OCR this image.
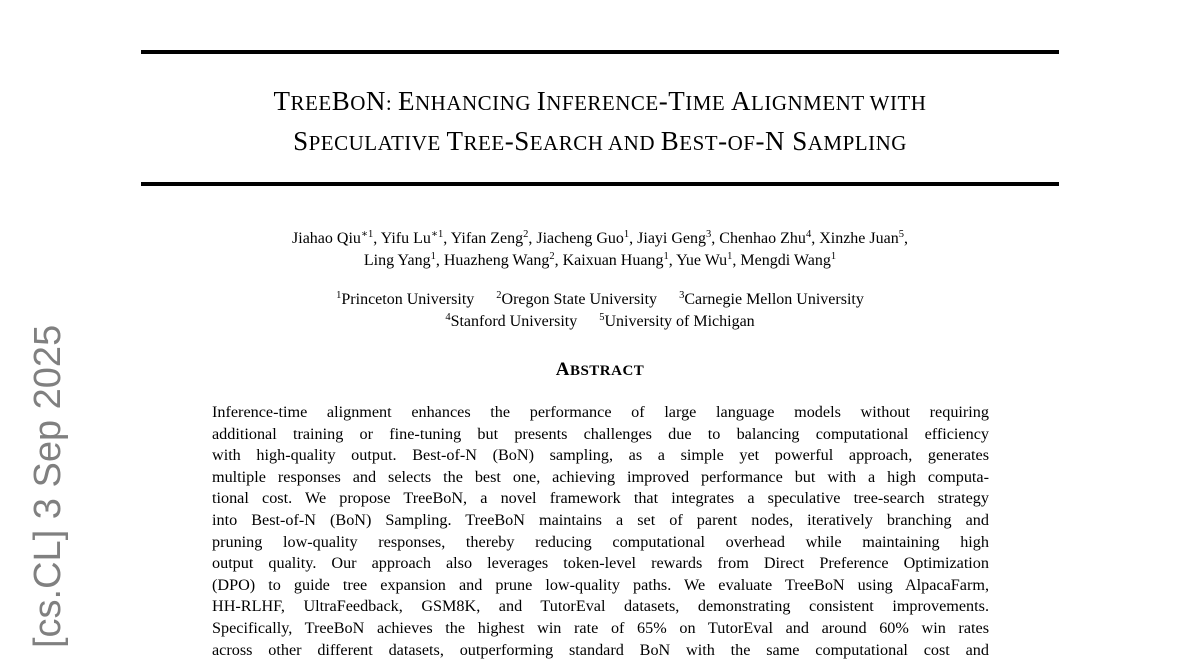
TREEBON: ENHANCING INFERENCE-TIME ALIGNMENT WITH
SPECULATIVE TREE-SEARCH AND BEST-OF-N SAMPLING
Jiahao Qiu$^{∗1}$, Yifu $Lu^{∗1}$, Yifan Zeng$^2$, Jiacheng Guo$^1$, Jiayi Geng$^3$, Chenhao Zhu$^4$, Xinzhe Juan$^5$,
Ling Yang$^1$, Huazheng Wang$^2$, Kaixuan Huang$^1$, Yue Wu$^1$, Mengdi Wang$^1$
$^1$Princeton University $^2$Oregon State University $^3$Carnegie Mellon University
$^4$Stanford University $^5$University of Michigan
ABSTRACT
Inference-time alignment enhances the performance of large language models without requiring
additional training or fine-tuning but presents challenges due to balancing computational efficiency
with high-quality output. Best-of-N (BoN) sampling, as a simple yet powerful approach, generates
multiple responses and selects the best one, achieving improved performance but with a high computa-
tional cost. We propose TreeBoN, a novel framework that integrates a speculative tree-search strategy
into Best-of-N (BoN) Sampling. TreeBoN maintains a set of parent nodes, iteratively branching and
pruning low-quality responses, thereby reducing computational overhead while maintaining high
output quality. Our approach also leverages token-level rewards from Direct Preference Optimization
(DPO) to guide tree expansion and prune low-quality paths. We evaluate TreeBoN using AlpacaFarm,
HH-RLHF, UltraFeedback, GSM8K, and TutorEval datasets, demonstrating consistent improvements.
Specifically, TreeBoN achieves the highest win rate of 65% on TutorEval and around 60% win rates
across other different datasets, outperforming standard BoN with the same computational cost and
[cs.CL] 3 Sep 2025
